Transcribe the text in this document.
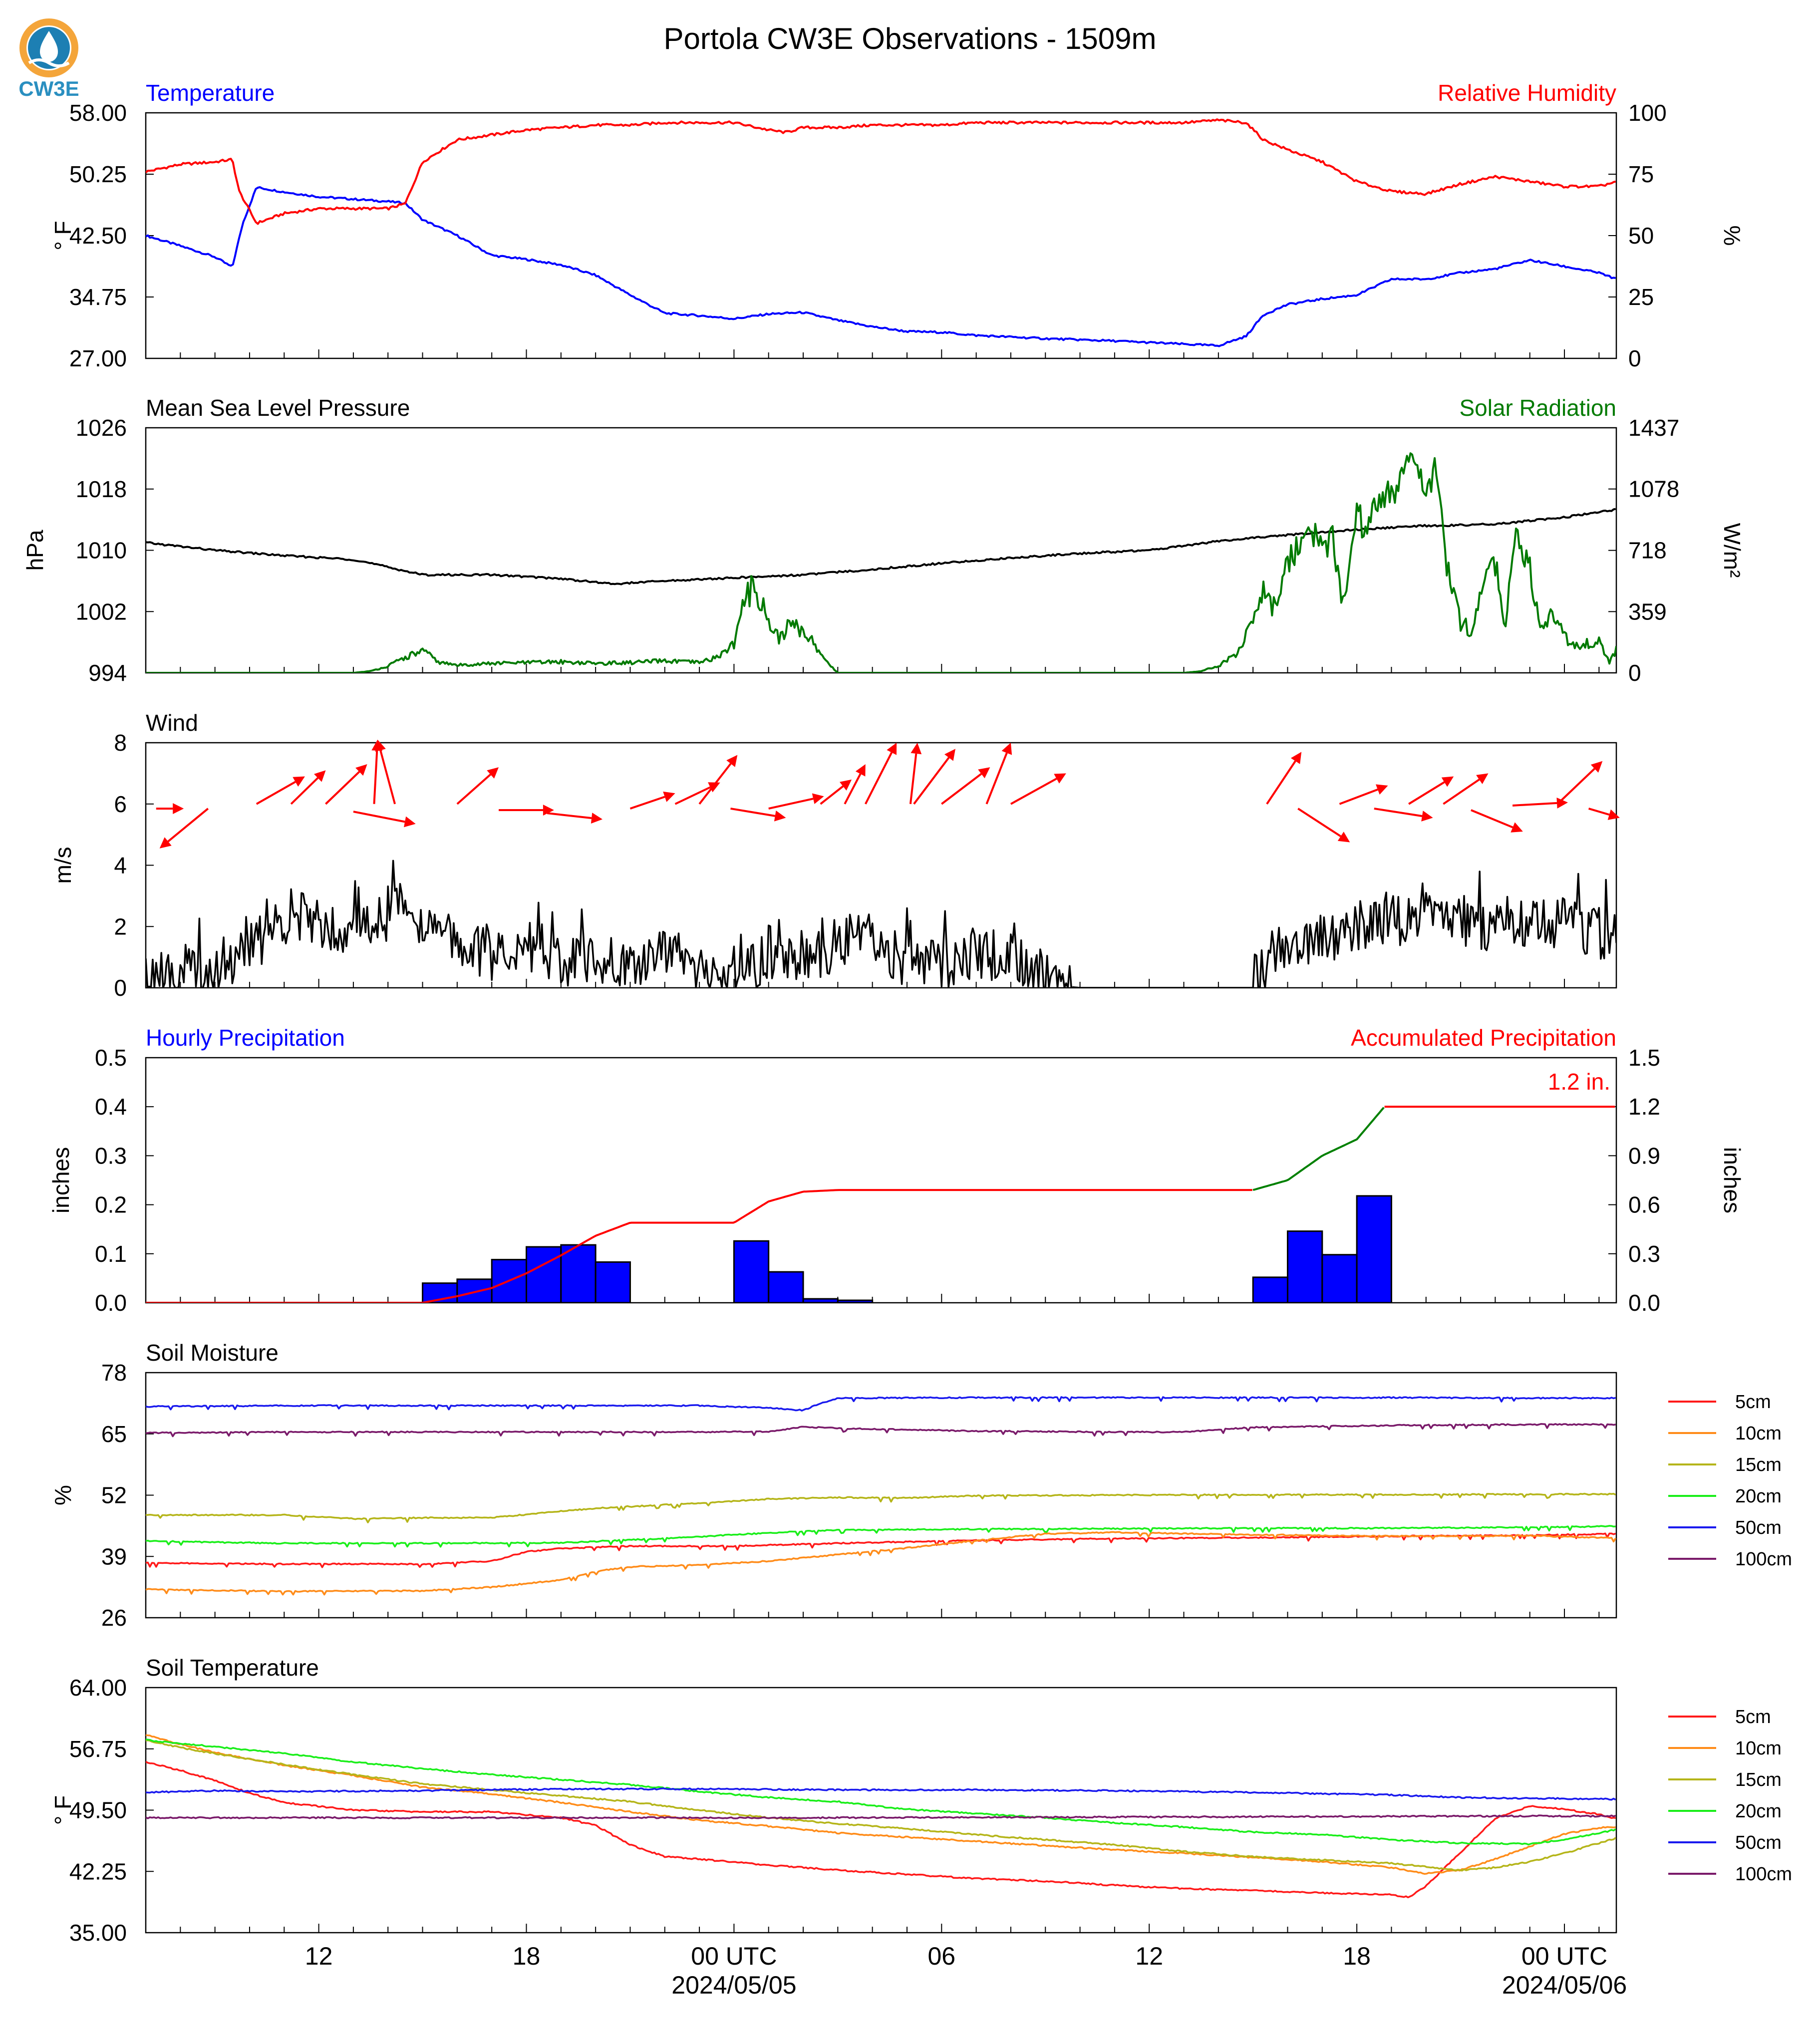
CW3E
Portola CW3E Observations - 1509m
27.00
34.75
42.50
50.25
58.00
° F
0
25
50
75
100
%
Temperature	Relative Humidity
994
1002
1010
1018
1026
hPa
0
359
718
1078
1437
W/m²
Mean Sea Level Pressure	Solar Radiation
0
2
4
6
8
m/s
Wind
0.0
0.1
0.2
0.3
0.4
0.5
inches
0.0
0.3
0.6
0.9
1.2
1.5
inches
Hourly Precipitation	Accumulated Precipitation
1.2 in.
26
39
52
65
78
%
Soil Moisture
5cm
10cm
15cm
20cm
50cm
100cm
35.00
42.25
49.50
56.75
64.00
° F
Soil Temperature
5cm
10cm
15cm
20cm
50cm
100cm
12	18	00 UTC
2024/05/05
06	12	18	00 UTC
2024/05/06
